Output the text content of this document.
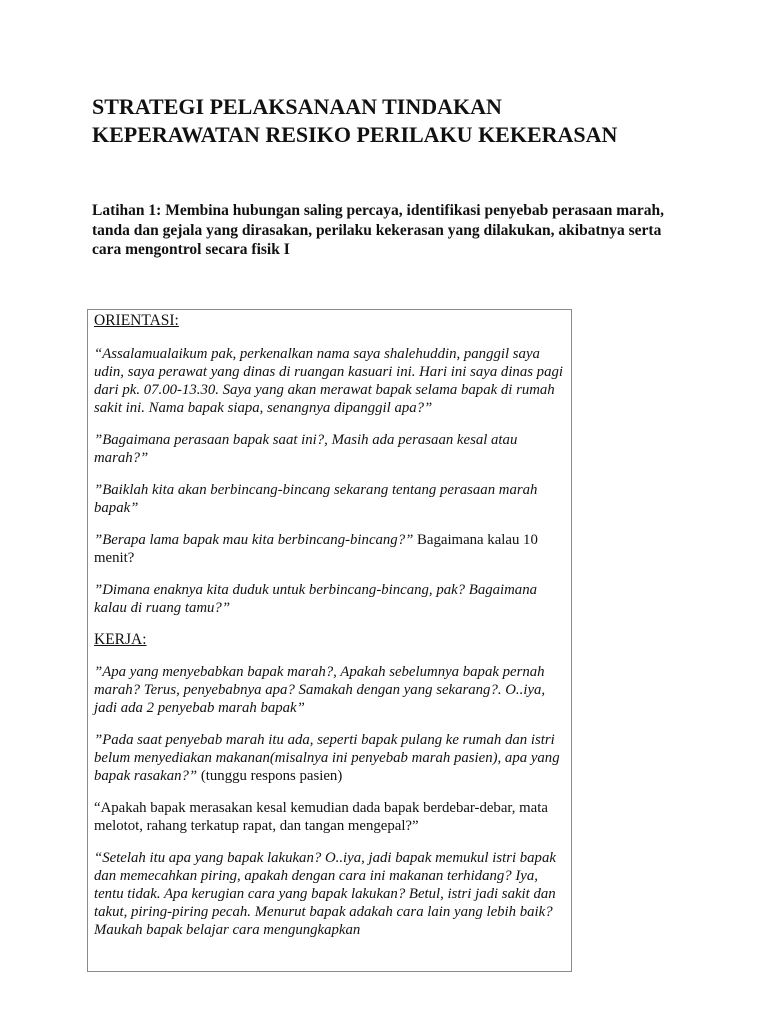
STRATEGI PELAKSANAAN TINDAKAN
KEPERAWATAN RESIKO PERILAKU KEKERASAN

Latihan 1: Membina hubungan saling percaya, identifikasi penyebab perasaan marah, tanda dan gejala yang dirasakan, perilaku kekerasan yang dilakukan, akibatnya serta cara mengontrol secara fisik I

ORIENTASI:

“Assalamualaikum pak, perkenalkan nama saya shalehuddin, panggil saya udin, saya perawat yang dinas di ruangan kasuari ini. Hari ini saya dinas pagi dari pk. 07.00-13.30. Saya yang akan merawat bapak selama bapak di rumah sakit ini. Nama bapak siapa, senangnya dipanggil apa?”

”Bagaimana perasaan bapak saat ini?, Masih ada perasaan kesal atau marah?”

”Baiklah kita akan berbincang-bincang sekarang tentang perasaan marah bapak”

”Berapa lama bapak mau kita berbincang-bincang?” Bagaimana kalau 10 menit?

”Dimana enaknya kita duduk untuk berbincang-bincang, pak? Bagaimana kalau di ruang tamu?”

KERJA:

”Apa yang menyebabkan bapak marah?, Apakah sebelumnya bapak pernah marah? Terus, penyebabnya apa? Samakah dengan yang sekarang?. O..iya, jadi ada 2 penyebab marah bapak”

”Pada saat penyebab marah itu ada, seperti bapak pulang ke rumah dan istri belum menyediakan makanan(misalnya ini penyebab marah pasien), apa yang bapak rasakan?” (tunggu respons pasien)

“Apakah bapak merasakan kesal kemudian dada bapak berdebar-debar, mata melotot, rahang terkatup rapat, dan tangan mengepal?”

“Setelah itu apa yang bapak lakukan? O..iya, jadi bapak memukul istri bapak dan memecahkan piring, apakah dengan cara ini makanan terhidang? Iya, tentu tidak. Apa kerugian cara yang bapak lakukan? Betul, istri jadi sakit dan takut, piring-piring pecah. Menurut bapak adakah cara lain yang lebih baik? Maukah bapak belajar cara mengungkapkan
